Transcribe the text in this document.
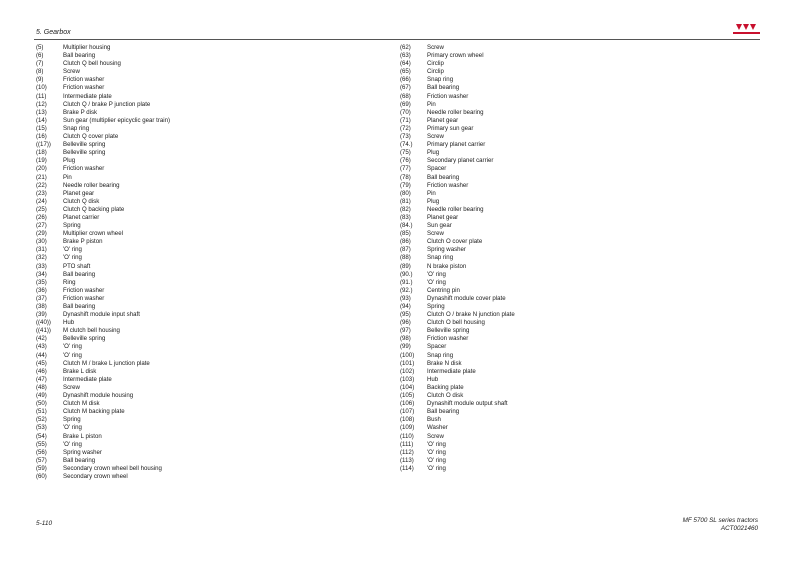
5. Gearbox
(5)	Multiplier housing
(6)	Ball bearing
(7)	Clutch Q bell housing
(8)	Screw
(9)	Friction washer
(10)	Friction washer
(11)	Intermediate plate
(12)	Clutch Q / brake P junction plate
(13)	Brake P disk
(14)	Sun gear (multiplier epicyclic gear train)
(15)	Snap ring
(16)	Clutch Q cover plate
((17))	Belleville spring
(18)	Belleville spring
(19)	Plug
(20)	Friction washer
(21)	Pin
(22)	Needle roller bearing
(23)	Planet gear
(24)	Clutch Q disk
(25)	Clutch Q backing plate
(26)	Planet carrier
(27)	Spring
(29)	Multiplier crown wheel
(30)	Brake P piston
(31)	'O' ring
(32)	'O' ring
(33)	PTO shaft
(34)	Ball bearing
(35)	Ring
(36)	Friction washer
(37)	Friction washer
(38)	Ball bearing
(39)	Dynashift module input shaft
((40))	Hub
((41))	M clutch bell housing
(42)	Belleville spring
(43)	'O' ring
(44)	'O' ring
(45)	Clutch M / brake L junction plate
(46)	Brake L disk
(47)	Intermediate plate
(48)	Screw
(49)	Dynashift module housing
(50)	Clutch M disk
(51)	Clutch M backing plate
(52)	Spring
(53)	'O' ring
(54)	Brake L piston
(55)	'O' ring
(56)	Spring washer
(57)	Ball bearing
(59)	Secondary crown wheel bell housing
(60)	Secondary crown wheel
(62)	Screw
(63)	Primary crown wheel
(64)	Circlip
(65)	Circlip
(66)	Snap ring
(67)	Ball bearing
(68)	Friction washer
(69)	Pin
(70)	Needle roller bearing
(71)	Planet gear
(72)	Primary sun gear
(73)	Screw
(74.)	Primary planet carrier
(75)	Plug
(76)	Secondary planet carrier
(77)	Spacer
(78)	Ball bearing
(79)	Friction washer
(80)	Pin
(81)	Plug
(82)	Needle roller bearing
(83)	Planet gear
(84.)	Sun gear
(85)	Screw
(86)	Clutch O cover plate
(87)	Spring washer
(88)	Snap ring
(89)	N brake piston
(90.)	'O' ring
(91.)	'O' ring
(92.)	Centring pin
(93)	Dynashift module cover plate
(94)	Spring
(95)	Clutch O / brake N junction plate
(96)	Clutch O bell housing
(97)	Belleville spring
(98)	Friction washer
(99)	Spacer
(100)	Snap ring
(101)	Brake N disk
(102)	Intermediate plate
(103)	Hub
(104)	Backing plate
(105)	Clutch O disk
(106)	Dynashift module output shaft
(107)	Ball bearing
(108)	Bush
(109)	Washer
(110)	Screw
(111)	'O' ring
(112)	'O' ring
(113)	'O' ring
(114)	'O' ring
5-110	MF 5700 SL series tractors
ACT0021460
